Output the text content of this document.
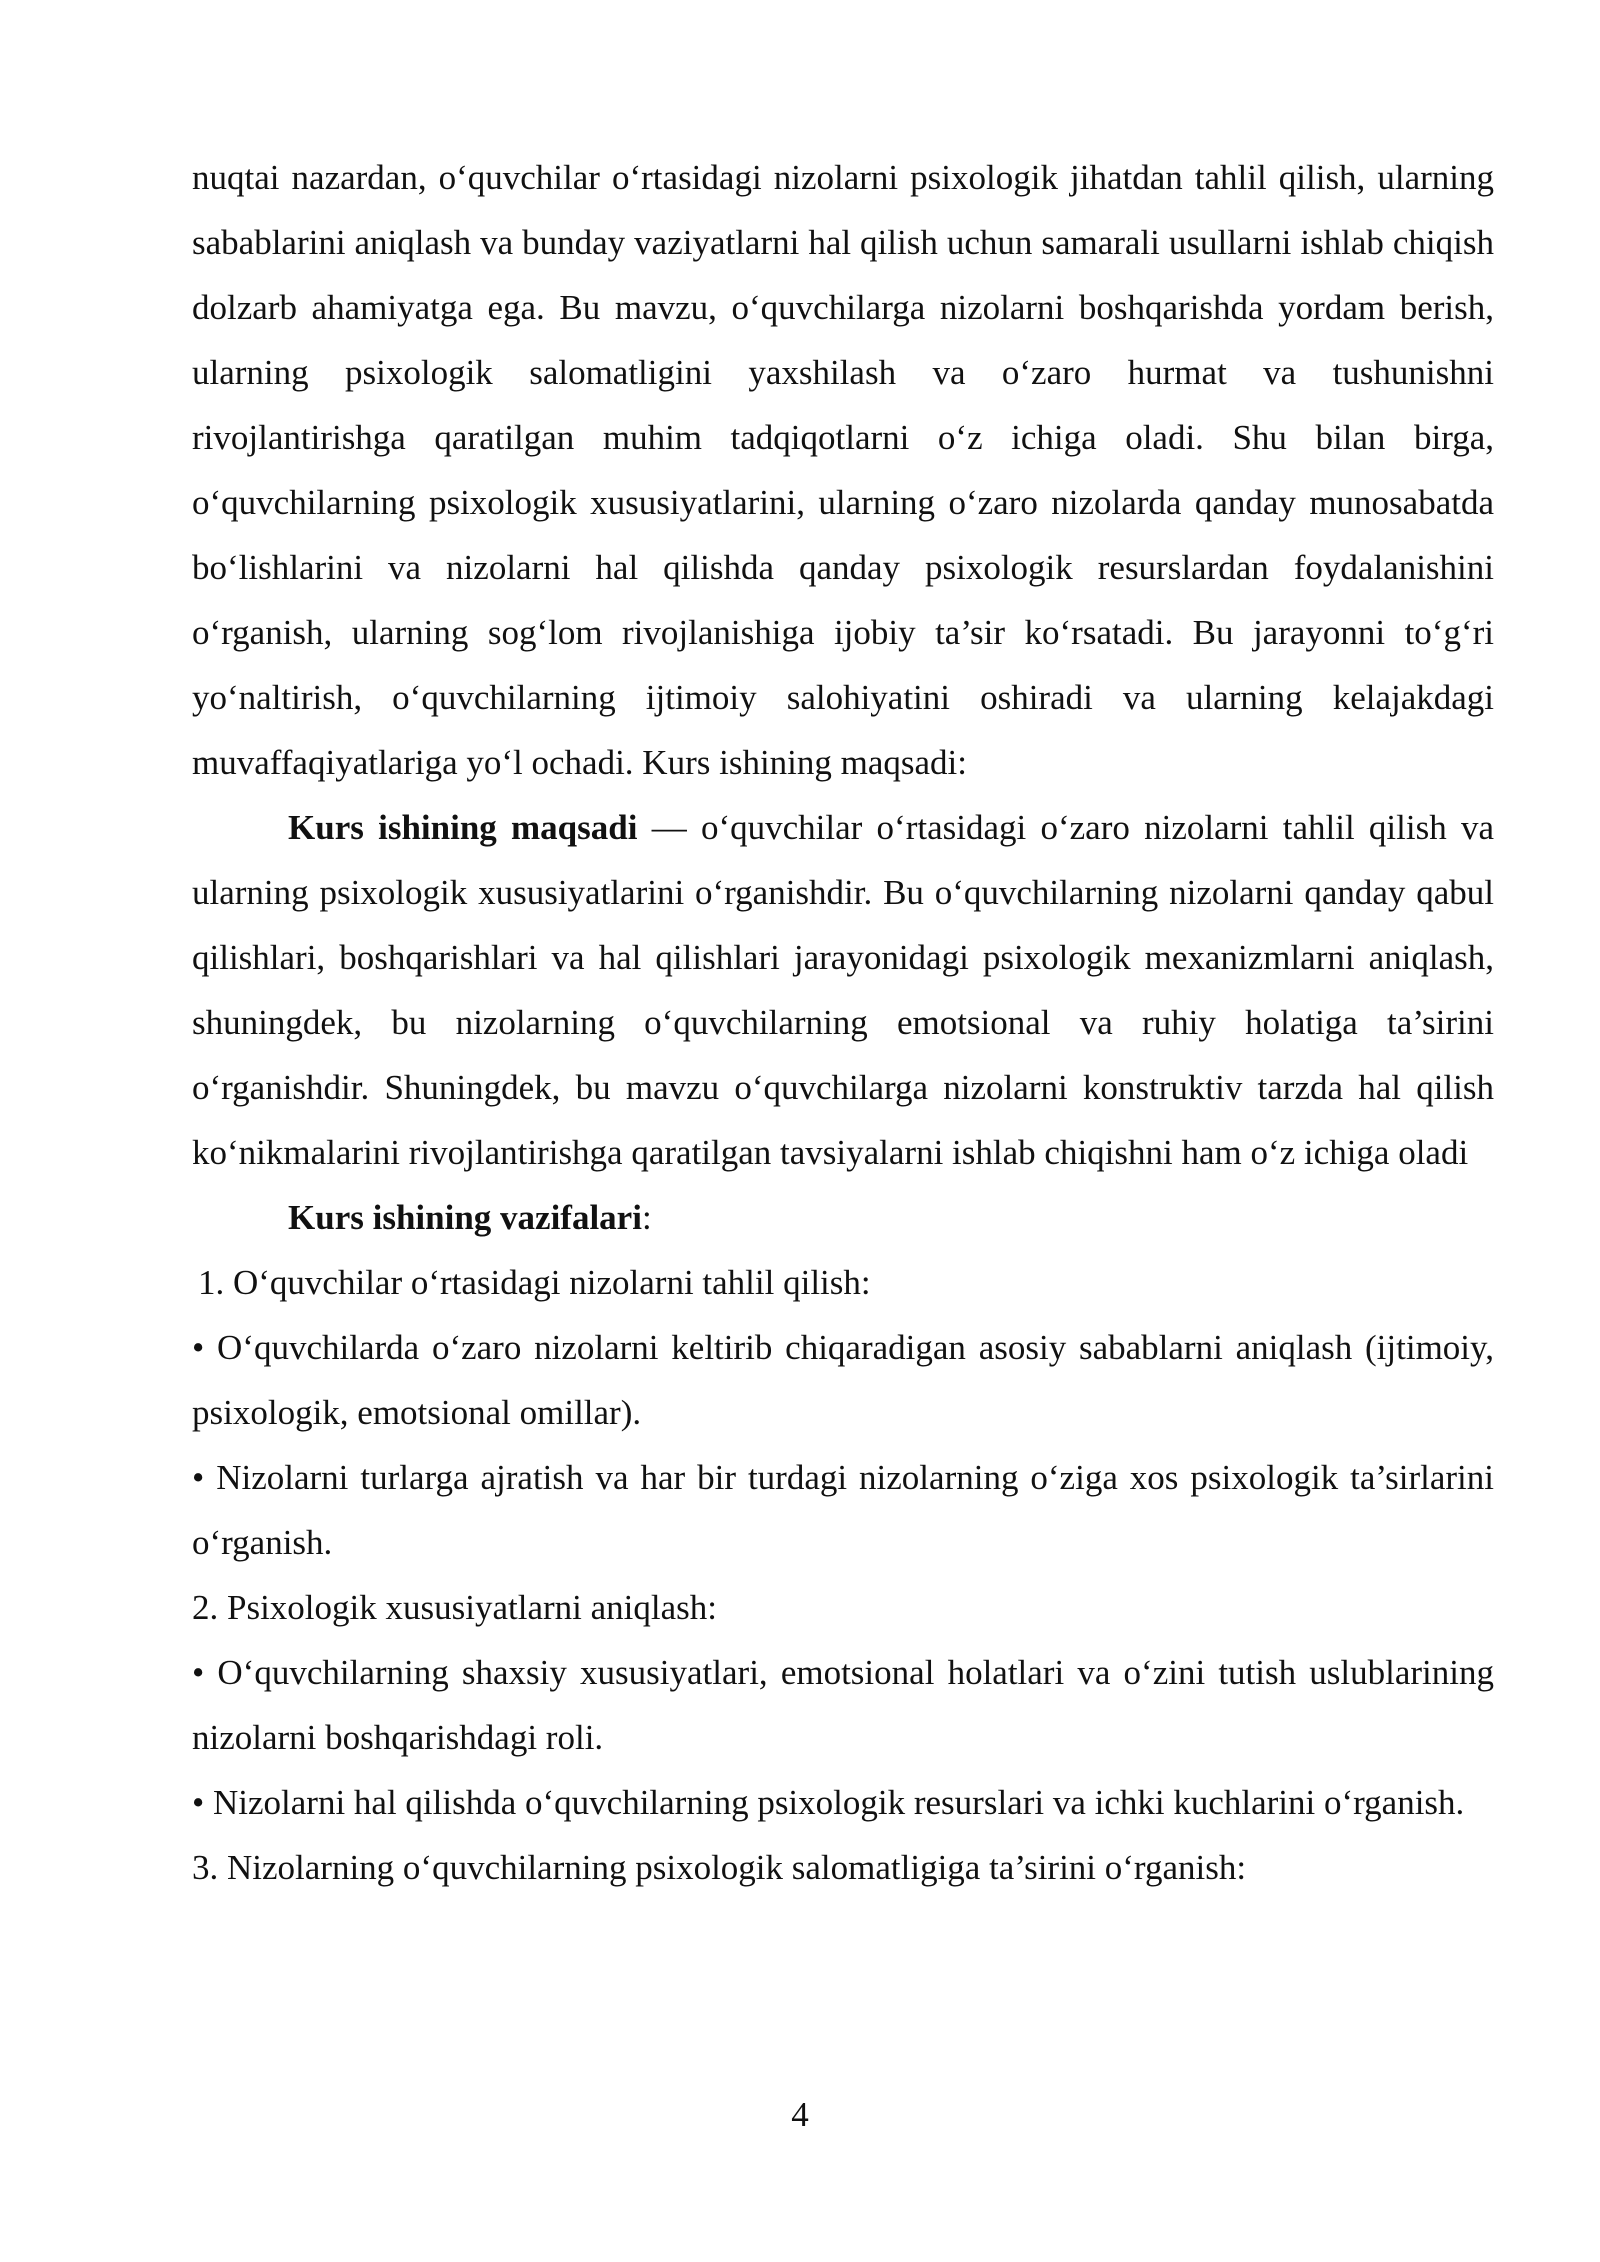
nuqtai nazardan, o‘quvchilar o‘rtasidagi nizolarni psixologik jihatdan tahlil qilish, ularning sabablarini aniqlash va bunday vaziyatlarni hal qilish uchun samarali usullarni ishlab chiqish dolzarb ahamiyatga ega. Bu mavzu, o‘quvchilarga nizolarni boshqarishda yordam berish, ularning psixologik salomatligini yaxshilash va o‘zaro hurmat va tushunishni rivojlantirishga qaratilgan muhim tadqiqotlarni o‘z ichiga oladi. Shu bilan birga, o‘quvchilarning psixologik xususiyatlarini, ularning o‘zaro nizolarda qanday munosabatda bo‘lishlarini va nizolarni hal qilishda qanday psixologik resurslardan foydalanishini o‘rganish, ularning sog‘lom rivojlanishiga ijobiy ta’sir ko‘rsatadi. Bu jarayonni to‘g‘ri yo‘naltirish, o‘quvchilarning ijtimoiy salohiyatini oshiradi va ularning kelajakdagi muvaffaqiyatlariga yo‘l ochadi. Kurs ishining maqsadi:

Kurs ishining maqsadi — o‘quvchilar o‘rtasidagi o‘zaro nizolarni tahlil qilish va ularning psixologik xususiyatlarini o‘rganishdir. Bu o‘quvchilarning nizolarni qanday qabul qilishlari, boshqarishlari va hal qilishlari jarayonidagi psixologik mexanizmlarni aniqlash, shuningdek, bu nizolarning o‘quvchilarning emotsional va ruhiy holatiga ta’sirini o‘rganishdir. Shuningdek, bu mavzu o‘quvchilarga nizolarni konstruktiv tarzda hal qilish ko‘nikmalarini rivojlantirishga qaratilgan tavsiyalarni ishlab chiqishni ham o‘z ichiga oladi

Kurs ishining vazifalari:

1. O‘quvchilar o‘rtasidagi nizolarni tahlil qilish:

• O‘quvchilarda o‘zaro nizolarni keltirib chiqaradigan asosiy sabablarni aniqlash (ijtimoiy, psixologik, emotsional omillar).

• Nizolarni turlarga ajratish va har bir turdagi nizolarning o‘ziga xos psixologik ta’sirlarini o‘rganish.

2. Psixologik xususiyatlarni aniqlash:

• O‘quvchilarning shaxsiy xususiyatlari, emotsional holatlari va o‘zini tutish uslublarining nizolarni boshqarishdagi roli.

• Nizolarni hal qilishda o‘quvchilarning psixologik resurslari va ichki kuchlarini o‘rganish.

3. Nizolarning o‘quvchilarning psixologik salomatligiga ta’sirini o‘rganish:

4
